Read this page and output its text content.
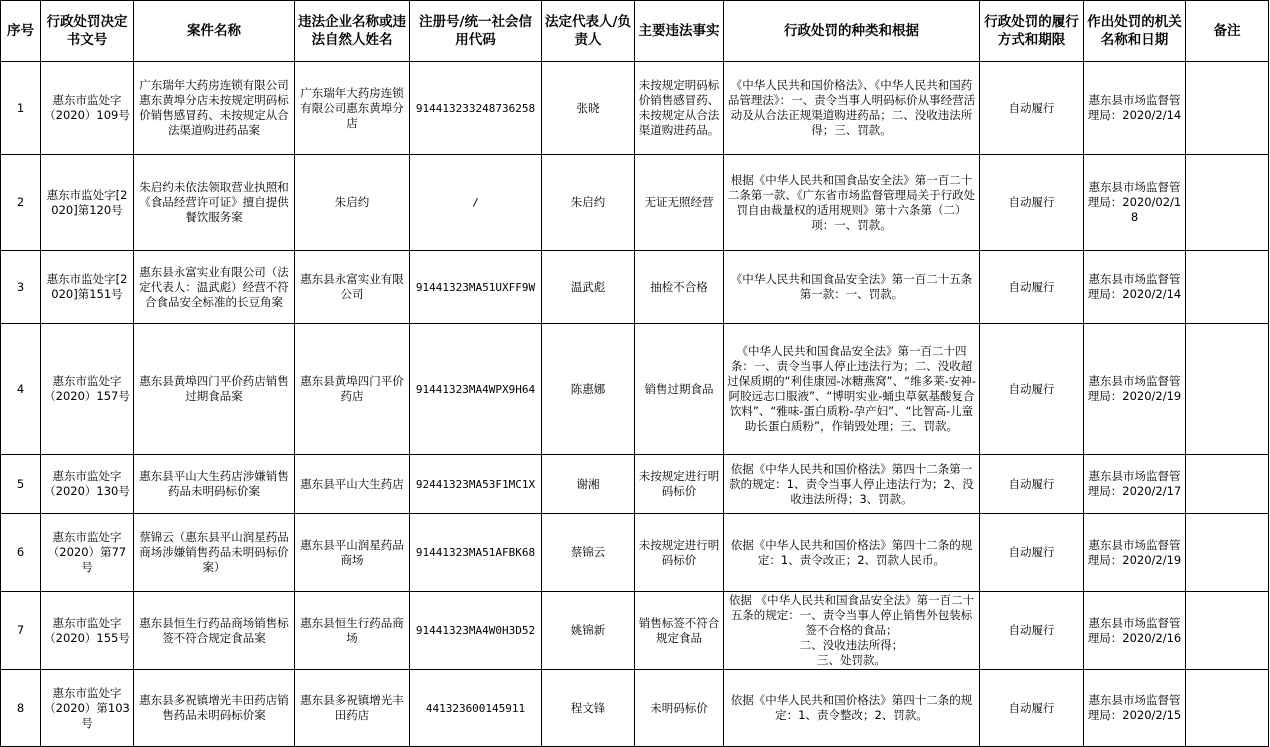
序号	行政处罚决定书文号	案件名称	违法企业名称或违法自然人姓名	注册号/统一社会信用代码	法定代表人/负责人	主要违法事实	行政处罚的种类和根据	行政处罚的履行方式和期限	作出处罚的机关名称和日期	备注
1	惠东市监处字（2020）109号	广东瑞年大药房连锁有限公司惠东黄埠分店未按规定明码标价销售感冒药、未按规定从合法渠道购进药品案	广东瑞年大药房连锁有限公司惠东黄埠分店	914413233248736258	张晓	未按规定明码标价销售感冒药、未按规定从合法渠道购进药品。	《中华人民共和国价格法》、《中华人民共和国药品管理法》：一、责令当事人明码标价从事经营活动及从合法正规渠道购进药品；二、没收违法所得；三、罚款。	自动履行	惠东县市场监督管理局：2020/2/14	
2	惠东市监处字[2020]第120号	朱启约未依法领取营业执照和《食品经营许可证》擅自提供餐饮服务案	朱启约	/	朱启约	无证无照经营	根据《中华人民共和国食品安全法》第一百二十二条第一款、《广东省市场监督管理局关于行政处罚自由裁量权的适用规则》第十六条第（二）项：一、罚款。	自动履行	惠东县市场监督管理局：2020/02/18	
3	惠东市监处字[2020]第151号	惠东县永富实业有限公司（法定代表人：温武彪）经营不符合食品安全标准的长豆角案	惠东县永富实业有限公司	91441323MA51UXFF9W	温武彪	抽检不合格	《中华人民共和国食品安全法》第一百二十五条第一款：一、罚款。	自动履行	惠东县市场监督管理局：2020/2/14	
4	惠东市监处字（2020）157号	惠东县黄埠四门平价药店销售过期食品案	惠东县黄埠四门平价药店	91441323MA4WPX9H64	陈惠娜	销售过期食品	《中华人民共和国食品安全法》第一百二十四条：一、责令当事人停止违法行为；二、没收超过保质期的“利佳康园-冰糖燕窝”、“维多莱-安神-阿胶远志口服液”、“博明实业-蛹虫草氨基酸复合饮料”、“雅味-蛋白质粉-孕产妇”、“比智高-儿童助长蛋白质粉”，作销毁处理；三、罚款。	自动履行	惠东县市场监督管理局：2020/2/19	
5	惠东市监处字（2020）130号	惠东县平山大生药店涉嫌销售药品未明码标价案	惠东县平山大生药店	92441323MA53F1MC1X	谢湘	未按规定进行明码标价	依据《中华人民共和国价格法》第四十二条第一款的规定：1、责令当事人停止违法行为；2、没收违法所得；3、罚款。	自动履行	惠东县市场监督管理局：2020/2/17	
6	惠东市监处字（2020）第77号	蔡锦云（惠东县平山润星药品商场涉嫌销售药品未明码标价案）	惠东县平山润星药品商场	91441323MA51AFBK68	蔡锦云	未按规定进行明码标价	依据《中华人民共和国价格法》第四十二条的规定：1、责令改正；2、罚款人民币。	自动履行	惠东县市场监督管理局：2020/2/19	
7	惠东市监处字（2020）155号	惠东县恒生行药品商场销售标签不符合规定食品案	惠东县恒生行药品商场	91441323MA4W0H3D52	姚锦新	销售标签不符合规定食品	依据 《中华人民共和国食品安全法》第一百二十五条的规定：一、责令当事人停止销售外包装标签不合格的食品；
二、没收违法所得；
三、处罚款。	自动履行	惠东县市场监督管理局：2020/2/16	
8	惠东市监处字（2020）第103号	惠东县多祝镇增光丰田药店销售药品未明码标价案	惠东县多祝镇增光丰田药店	441323600145911	程文锋	未明码标价	依据《中华人民共和国价格法》第四十二条的规定：1、责令整改；2、罚款。	自动履行	惠东县市场监督管理局：2020/2/15	
